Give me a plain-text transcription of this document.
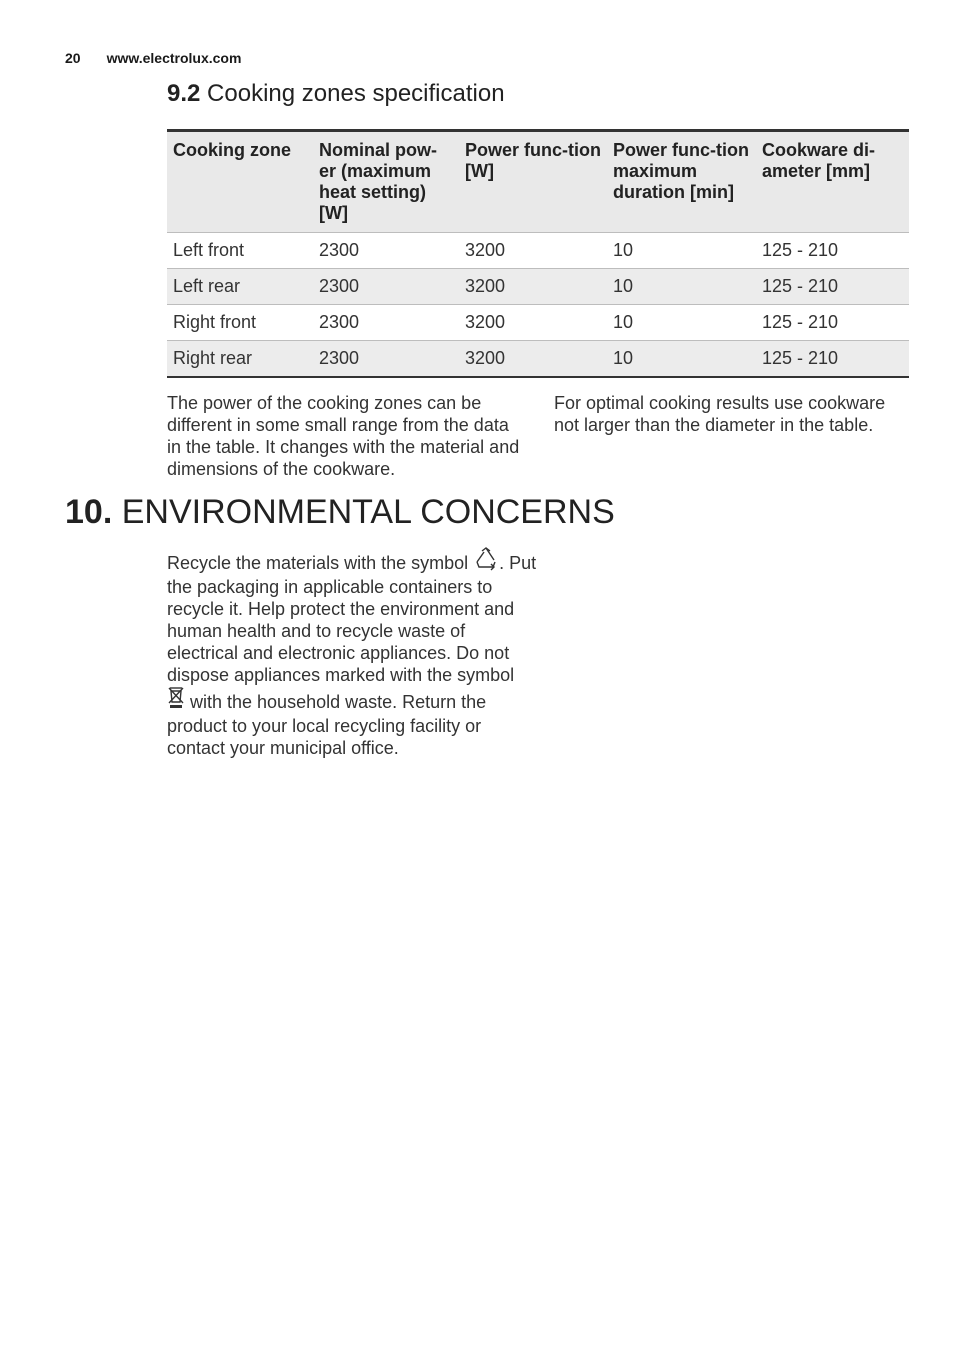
20 www.electrolux.com
9.2 Cooking zones specification
Cooking zone	Nominal pow-er (maximum heat setting) [W]	Power func-tion [W]	Power func-tion maximum duration [min]	Cookware di-ameter [mm]
Left front	2300	3200	10	125 - 210
Left rear	2300	3200	10	125 - 210
Right front	2300	3200	10	125 - 210
Right rear	2300	3200	10	125 - 210
The power of the cooking zones can be different in some small range from the data in the table. It changes with the material and dimensions of the cookware.
For optimal cooking results use cookware not larger than the diameter in the table.
10. ENVIRONMENTAL CONCERNS
Recycle the materials with the symbol . Put the packaging in applicable containers to recycle it. Help protect the environment and human health and to recycle waste of electrical and electronic appliances. Do not dispose appliances marked with the symbol  with the household waste. Return the product to your local recycling facility or contact your municipal office.
